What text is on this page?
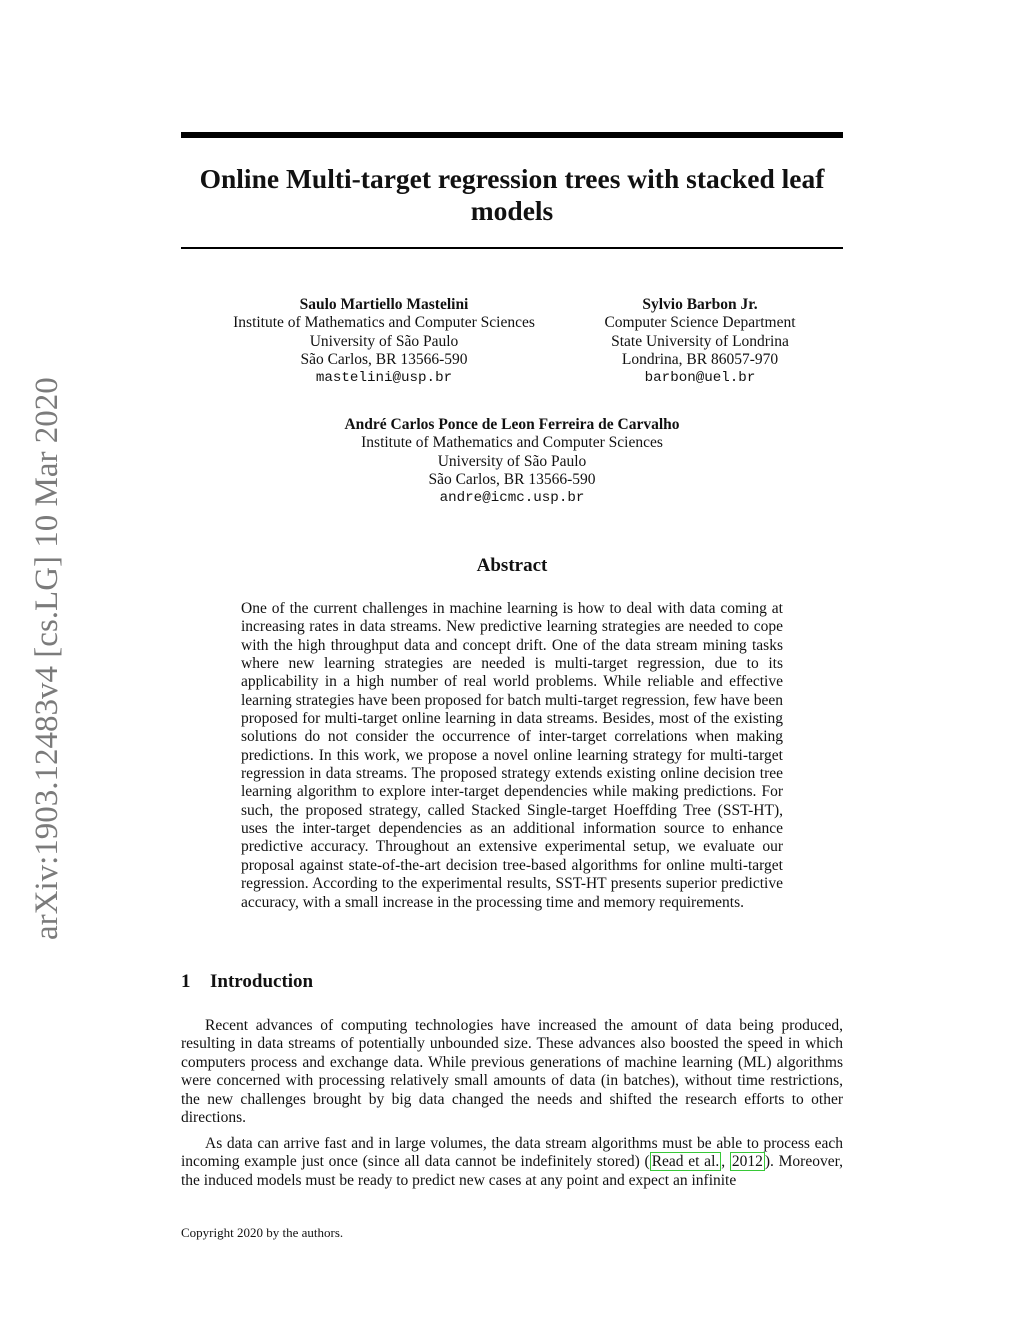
arXiv:1903.12483v4 [cs.LG] 10 Mar 2020
Online Multi-target regression trees with stacked leaf models
Saulo Martiello Mastelini
Institute of Mathematics and Computer Sciences
University of São Paulo
São Carlos, BR 13566-590
mastelini@usp.br
Sylvio Barbon Jr.
Computer Science Department
State University of Londrina
Londrina, BR 86057-970
barbon@uel.br
André Carlos Ponce de Leon Ferreira de Carvalho
Institute of Mathematics and Computer Sciences
University of São Paulo
São Carlos, BR 13566-590
andre@icmc.usp.br
Abstract

One of the current challenges in machine learning is how to deal with data coming at increasing rates in data streams. New predictive learning strategies are needed to cope with the high throughput data and concept drift. One of the data stream mining tasks where new learning strategies are needed is multi-target regression, due to its applicability in a high number of real world problems. While reliable and effective learning strategies have been proposed for batch multi-target regression, few have been proposed for multi-target online learning in data streams. Besides, most of the existing solutions do not consider the occurrence of inter-target correlations when making predictions. In this work, we propose a novel online learning strategy for multi-target regression in data streams. The proposed strategy extends existing online decision tree learning algorithm to explore inter-target dependencies while making predictions. For such, the proposed strategy, called Stacked Single-target Hoeffding Tree (SST-HT), uses the inter-target dependencies as an additional information source to enhance predictive accuracy. Throughout an extensive experimental setup, we evaluate our proposal against state-of-the-art decision tree-based algorithms for online multi-target regression. According to the experimental results, SST-HT presents superior predictive accuracy, with a small increase in the processing time and memory requirements.

1 Introduction

Recent advances of computing technologies have increased the amount of data being produced, resulting in data streams of potentially unbounded size. These advances also boosted the speed in which computers process and exchange data. While previous generations of machine learning (ML) algorithms were concerned with processing relatively small amounts of data (in batches), without time restrictions, the new challenges brought by big data changed the needs and shifted the research efforts to other directions.

As data can arrive fast and in large volumes, the data stream algorithms must be able to process each incoming example just once (since all data cannot be indefinitely stored) ( Read et al. , 2012 ). Moreover, the induced models must be ready to predict new cases at any point and expect an infinite

Copyright 2020 by the authors.
